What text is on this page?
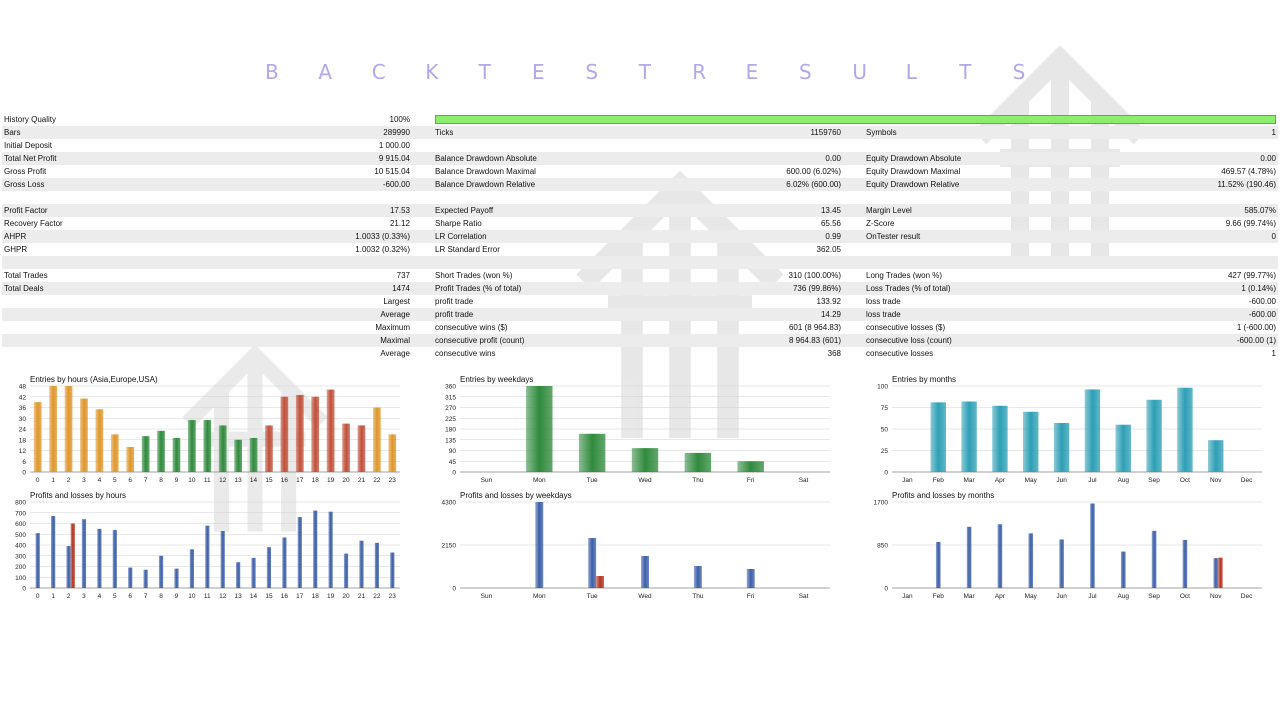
B A C K T E S T R E S U L T S
History Quality	100%
Bars	289990	Ticks	1159760	Symbols	1
Initial Deposit	1 000.00
Total Net Profit	9 915.04	Balance Drawdown Absolute	0.00	Equity Drawdown Absolute	0.00
Gross Profit	10 515.04	Balance Drawdown Maximal	600.00 (6.02%)	Equity Drawdown Maximal	469.57 (4.78%)
Gross Loss	-600.00	Balance Drawdown Relative	6.02% (600.00)	Equity Drawdown Relative	11.52% (190.46)
Profit Factor	17.53	Expected Payoff	13.45	Margin Level	585.07%
Recovery Factor	21.12	Sharpe Ratio	65.56	Z-Score	9.66 (99.74%)
AHPR	1.0033 (0.33%)	LR Correlation	0.99	OnTester result	0
GHPR	1.0032 (0.32%)	LR Standard Error	362.05
Total Trades	737	Short Trades (won %)	310 (100.00%)	Long Trades (won %)	427 (99.77%)
Total Deals	1474	Profit Trades (% of total)	736 (99.86%)	Loss Trades (% of total)	1 (0.14%)
Largest	profit trade	133.92	loss trade	-600.00
Average	profit trade	14.29	loss trade	-600.00
Maximum	consecutive wins ($)	601 (8 964.83)	consecutive losses ($)	1 (-600.00)
Maximal	consecutive profit (count)	8 964.83 (601)	consecutive loss (count)	-600.00 (1)
Average	consecutive wins	368	consecutive losses	1
Entries by hours (Asia,Europe,USA)
0
6
12
18
24
30
36
42
48
0 1 2 3 4 5 6 7 8 9 10 11 12 13 14 15 16 17 18 19 20 21 22 23
Entries by weekdays
0
45
90
135
180
225
270
315
360
Sun	Mon	Tue	Wed	Thu	Fri	Sat
Entries by months
0
25
50
75
100
Jan	Feb	Mar	Apr	May	Jun	Jul	Aug	Sep	Oct	Nov	Dec
Profits and losses by hours
0
100
200
300
400
500
600
700
800
0 1 2 3 4 5 6 7 8 9 10 11 12 13 14 15 16 17 18 19 20 21 22 23
Profits and losses by weekdays
0
2150
4300
Sun	Mon	Tue	Wed	Thu	Fri	Sat
Profits and losses by months
0
850
1700
Jan	Feb	Mar	Apr	May	Jun	Jul	Aug	Sep	Oct	Nov	Dec
